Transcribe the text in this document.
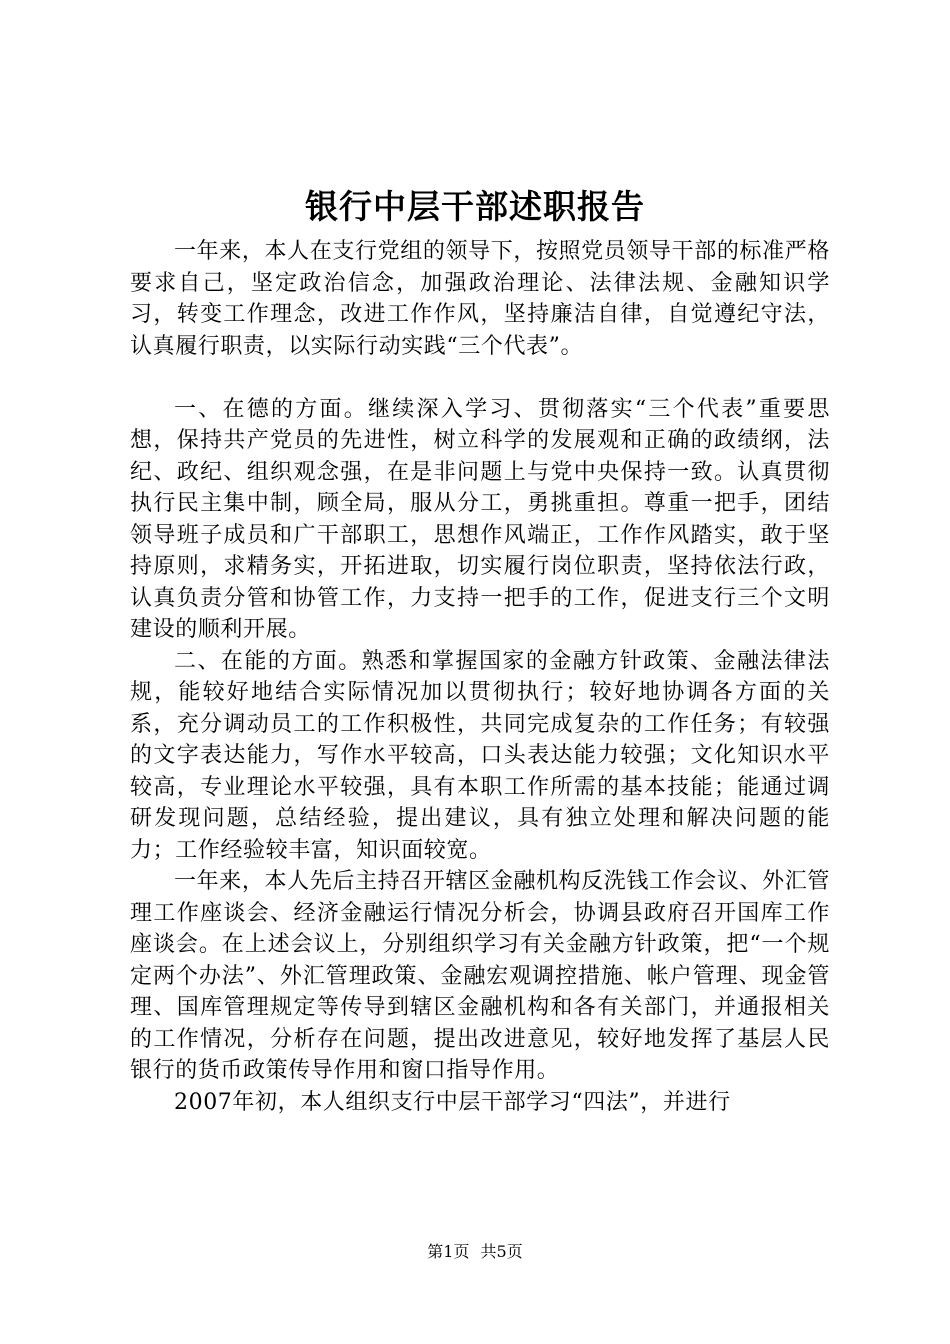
银行中层干部述职报告

一年来，本人在支行党组的领导下，按照党员领导干部的标准严格要求自己，坚定政治信念，加强政治理论、法律法规、金融知识学习，转变工作理念，改进工作作风，坚持廉洁自律，自觉遵纪守法，认真履行职责，以实际行动实践“三个代表”。

一、在德的方面。继续深入学习、贯彻落实“三个代表”重要思想，保持共产党员的先进性，树立科学的发展观和正确的政绩纲，法纪、政纪、组织观念强，在是非问题上与党中央保持一致。认真贯彻执行民主集中制，顾全局，服从分工，勇挑重担。尊重一把手，团结领导班子成员和广干部职工，思想作风端正，工作作风踏实，敢于坚持原则，求精务实，开拓进取，切实履行岗位职责，坚持依法行政，认真负责分管和协管工作，力支持一把手的工作，促进支行三个文明建设的顺利开展。

二、在能的方面。熟悉和掌握国家的金融方针政策、金融法律法规，能较好地结合实际情况加以贯彻执行；较好地协调各方面的关系，充分调动员工的工作积极性，共同完成复杂的工作任务；有较强的文字表达能力，写作水平较高，口头表达能力较强；文化知识水平较高，专业理论水平较强，具有本职工作所需的基本技能；能通过调研发现问题，总结经验，提出建议，具有独立处理和解决问题的能力；工作经验较丰富，知识面较宽。

一年来，本人先后主持召开辖区金融机构反洗钱工作会议、外汇管理工作座谈会、经济金融运行情况分析会，协调县政府召开国库工作座谈会。在上述会议上，分别组织学习有关金融方针政策，把“一个规定两个办法”、外汇管理政策、金融宏观调控措施、帐户管理、现金管理、国库管理规定等传导到辖区金融机构和各有关部门，并通报相关的工作情况，分析存在问题，提出改进意见，较好地发挥了基层人民银行的货币政策传导作用和窗口指导作用。

2007年初，本人组织支行中层干部学习“四法”，并进行

第1页 共5页
